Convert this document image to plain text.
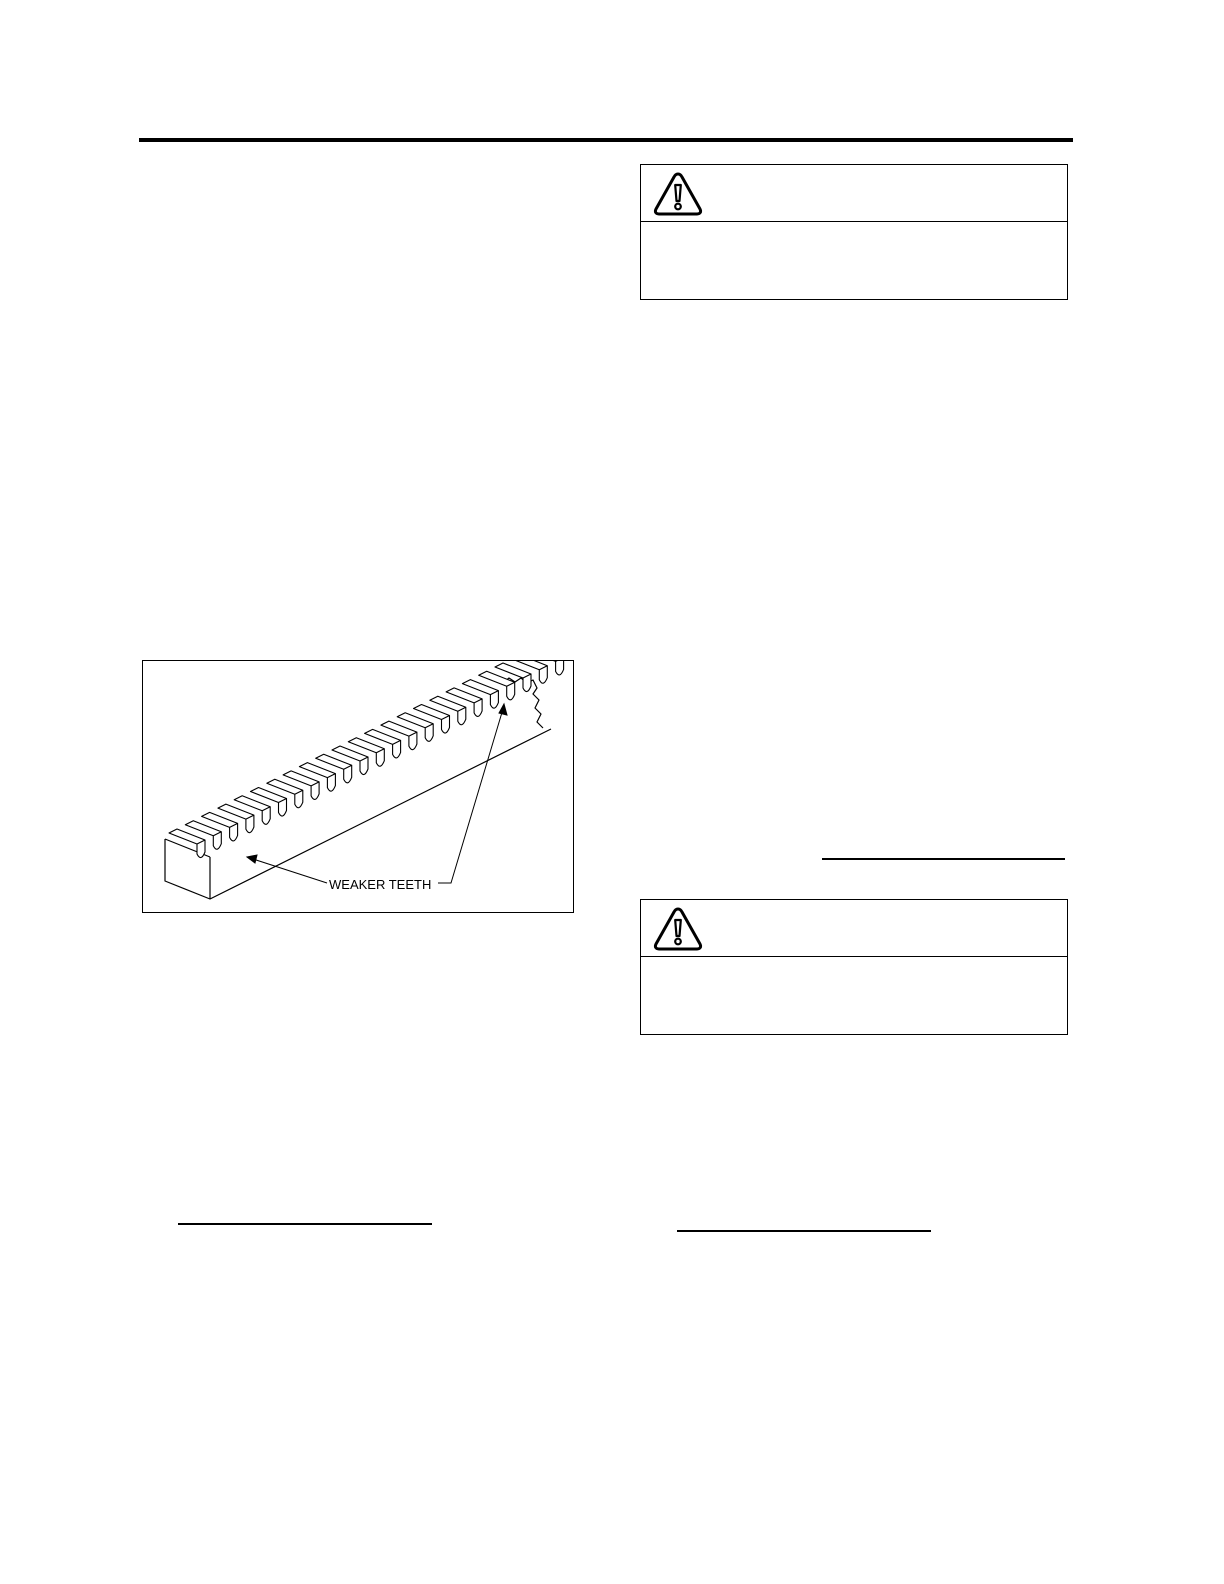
WEAKER TEETH
